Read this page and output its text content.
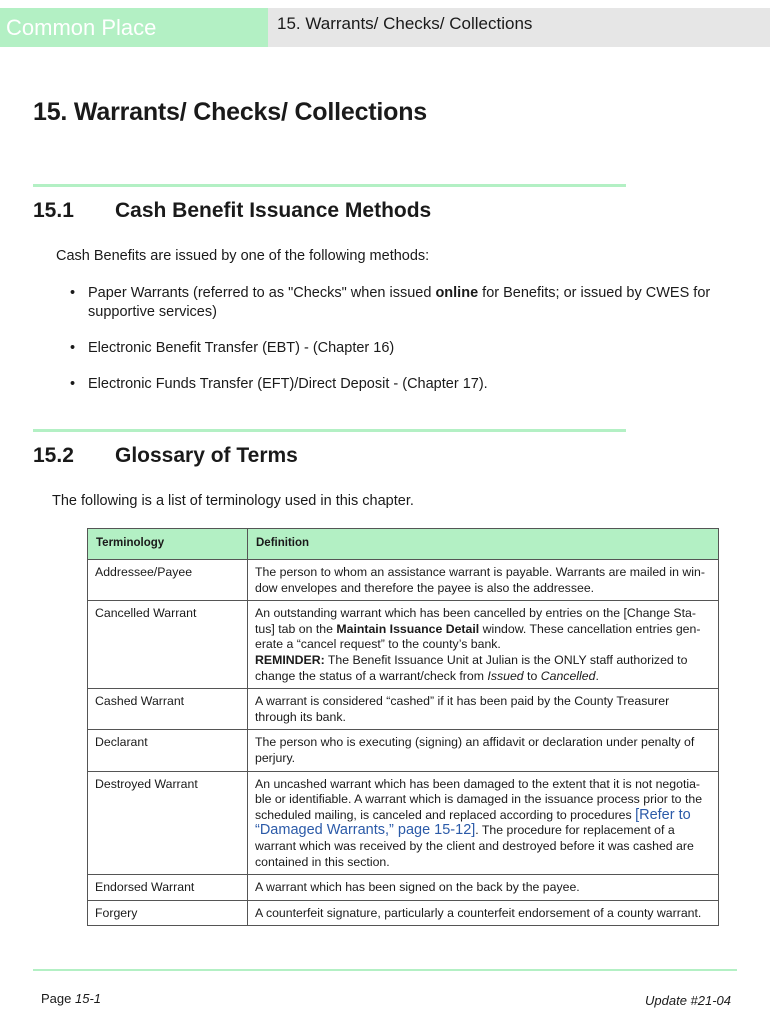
Common Place	15. Warrants/ Checks/ Collections
15. Warrants/ Checks/ Collections
15.1 Cash Benefit Issuance Methods

Cash Benefits are issued by one of the following methods:

• Paper Warrants (referred to as "Checks" when issued online for Benefits; or issued by CWES for supportive services)
• Electronic Benefit Transfer (EBT) - (Chapter 16)
• Electronic Funds Transfer (EFT)/Direct Deposit - (Chapter 17).
15.2 Glossary of Terms

The following is a list of terminology used in this chapter.

Terminology	Definition
Addressee/Payee	The person to whom an assistance warrant is payable. Warrants are mailed in win-dow envelopes and therefore the payee is also the addressee.
Cancelled Warrant	An outstanding warrant which has been cancelled by entries on the [Change Sta-tus] tab on the Maintain Issuance Detail window. These cancellation entries gen-erate a “cancel request” to the county’s bank.
REMINDER: The Benefit Issuance Unit at Julian is the ONLY staff authorized to change the status of a warrant/check from Issued to Cancelled.
Cashed Warrant	A warrant is considered “cashed” if it has been paid by the County Treasurer through its bank.
Declarant	The person who is executing (signing) an affidavit or declaration under penalty of perjury.
Destroyed Warrant	An uncashed warrant which has been damaged to the extent that it is not negotia-ble or identifiable. A warrant which is damaged in the issuance process prior to the scheduled mailing, is canceled and replaced according to procedures [Refer to “Damaged Warrants,” page 15-12]. The procedure for replacement of a warrant which was received by the client and destroyed before it was cashed are contained in this section.
Endorsed Warrant	A warrant which has been signed on the back by the payee.
Forgery	A counterfeit signature, particularly a counterfeit endorsement of a county warrant.
Page 15-1	Update #21-04
